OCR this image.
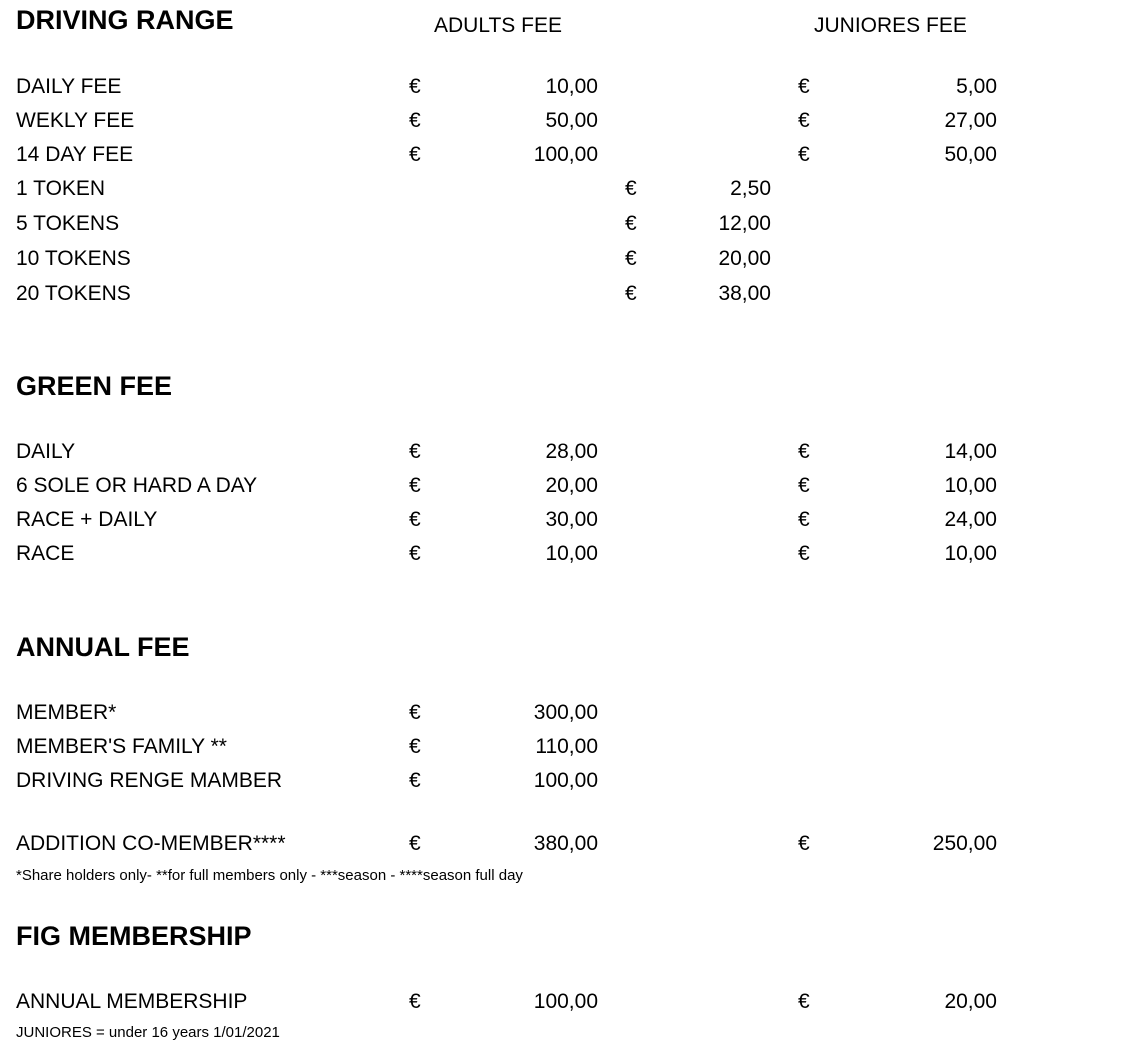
DRIVING RANGE	ADULTS FEE	JUNIORES FEE
DAILY FEE	€	10,00	€	5,00
WEKLY FEE	€	50,00	€	27,00
14 DAY FEE	€	100,00	€	50,00
1 TOKEN	€	2,50
5 TOKENS	€	12,00
10 TOKENS	€	20,00
20 TOKENS	€	38,00
GREEN FEE
DAILY	€	28,00	€	14,00
6 SOLE OR HARD A DAY	€	20,00	€	10,00
RACE + DAILY	€	30,00	€	24,00
RACE	€	10,00	€	10,00
ANNUAL FEE
MEMBER*	€	300,00
MEMBER'S FAMILY **	€	110,00
DRIVING RENGE MAMBER	€	100,00
ADDITION CO-MEMBER****	€	380,00	€	250,00
*Share holders only- **for full members only - ***season - ****season full day
FIG MEMBERSHIP
ANNUAL MEMBERSHIP	€	100,00	€	20,00
JUNIORES = under 16 years 1/01/2021
